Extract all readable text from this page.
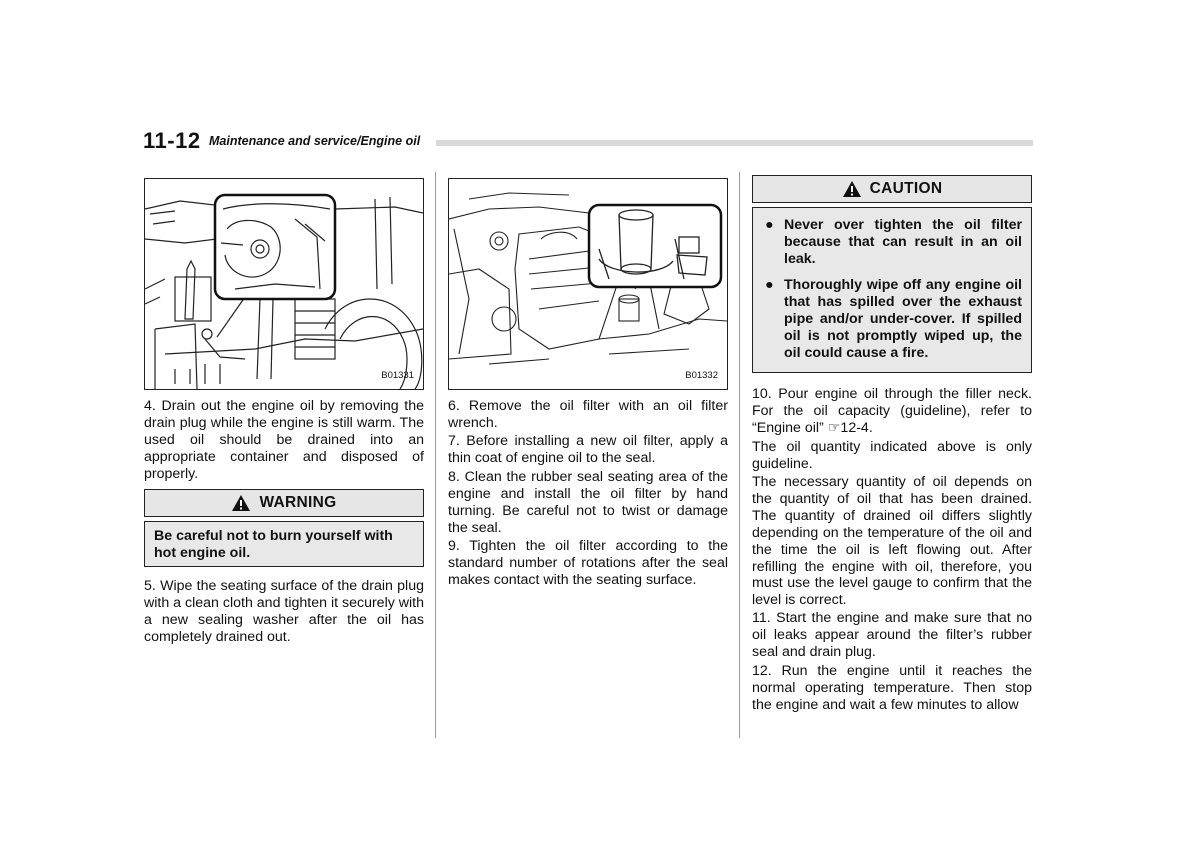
11-12 Maintenance and service/Engine oil
B01331

4. Drain out the engine oil by removing the drain plug while the engine is still warm. The used oil should be drained into an appropriate container and disposed of properly.

WARNING

Be careful not to burn yourself with hot engine oil.

5. Wipe the seating surface of the drain plug with a clean cloth and tighten it securely with a new sealing washer after the oil has completely drained out.

B01332

6. Remove the oil filter with an oil filter wrench.

7. Before installing a new oil filter, apply a thin coat of engine oil to the seal.

8. Clean the rubber seal seating area of the engine and install the oil filter by hand turning. Be careful not to twist or damage the seal.

9. Tighten the oil filter according to the standard number of rotations after the seal makes contact with the seating surface.

CAUTION
● Never over tighten the oil filter because that can result in an oil leak.
● Thoroughly wipe off any engine oil that has spilled over the exhaust pipe and/or under-cover. If spilled oil is not promptly wiped up, the oil could cause a fire.

10. Pour engine oil through the filler neck. For the oil capacity (guideline), refer to “Engine oil” ☞12-4.

The oil quantity indicated above is only guideline.

The necessary quantity of oil depends on the quantity of oil that has been drained. The quantity of drained oil differs slightly depending on the temperature of the oil and the time the oil is left flowing out. After refilling the engine with oil, therefore, you must use the level gauge to confirm that the level is correct.

11. Start the engine and make sure that no oil leaks appear around the filter’s rubber seal and drain plug.

12. Run the engine until it reaches the normal operating temperature. Then stop the engine and wait a few minutes to allow
